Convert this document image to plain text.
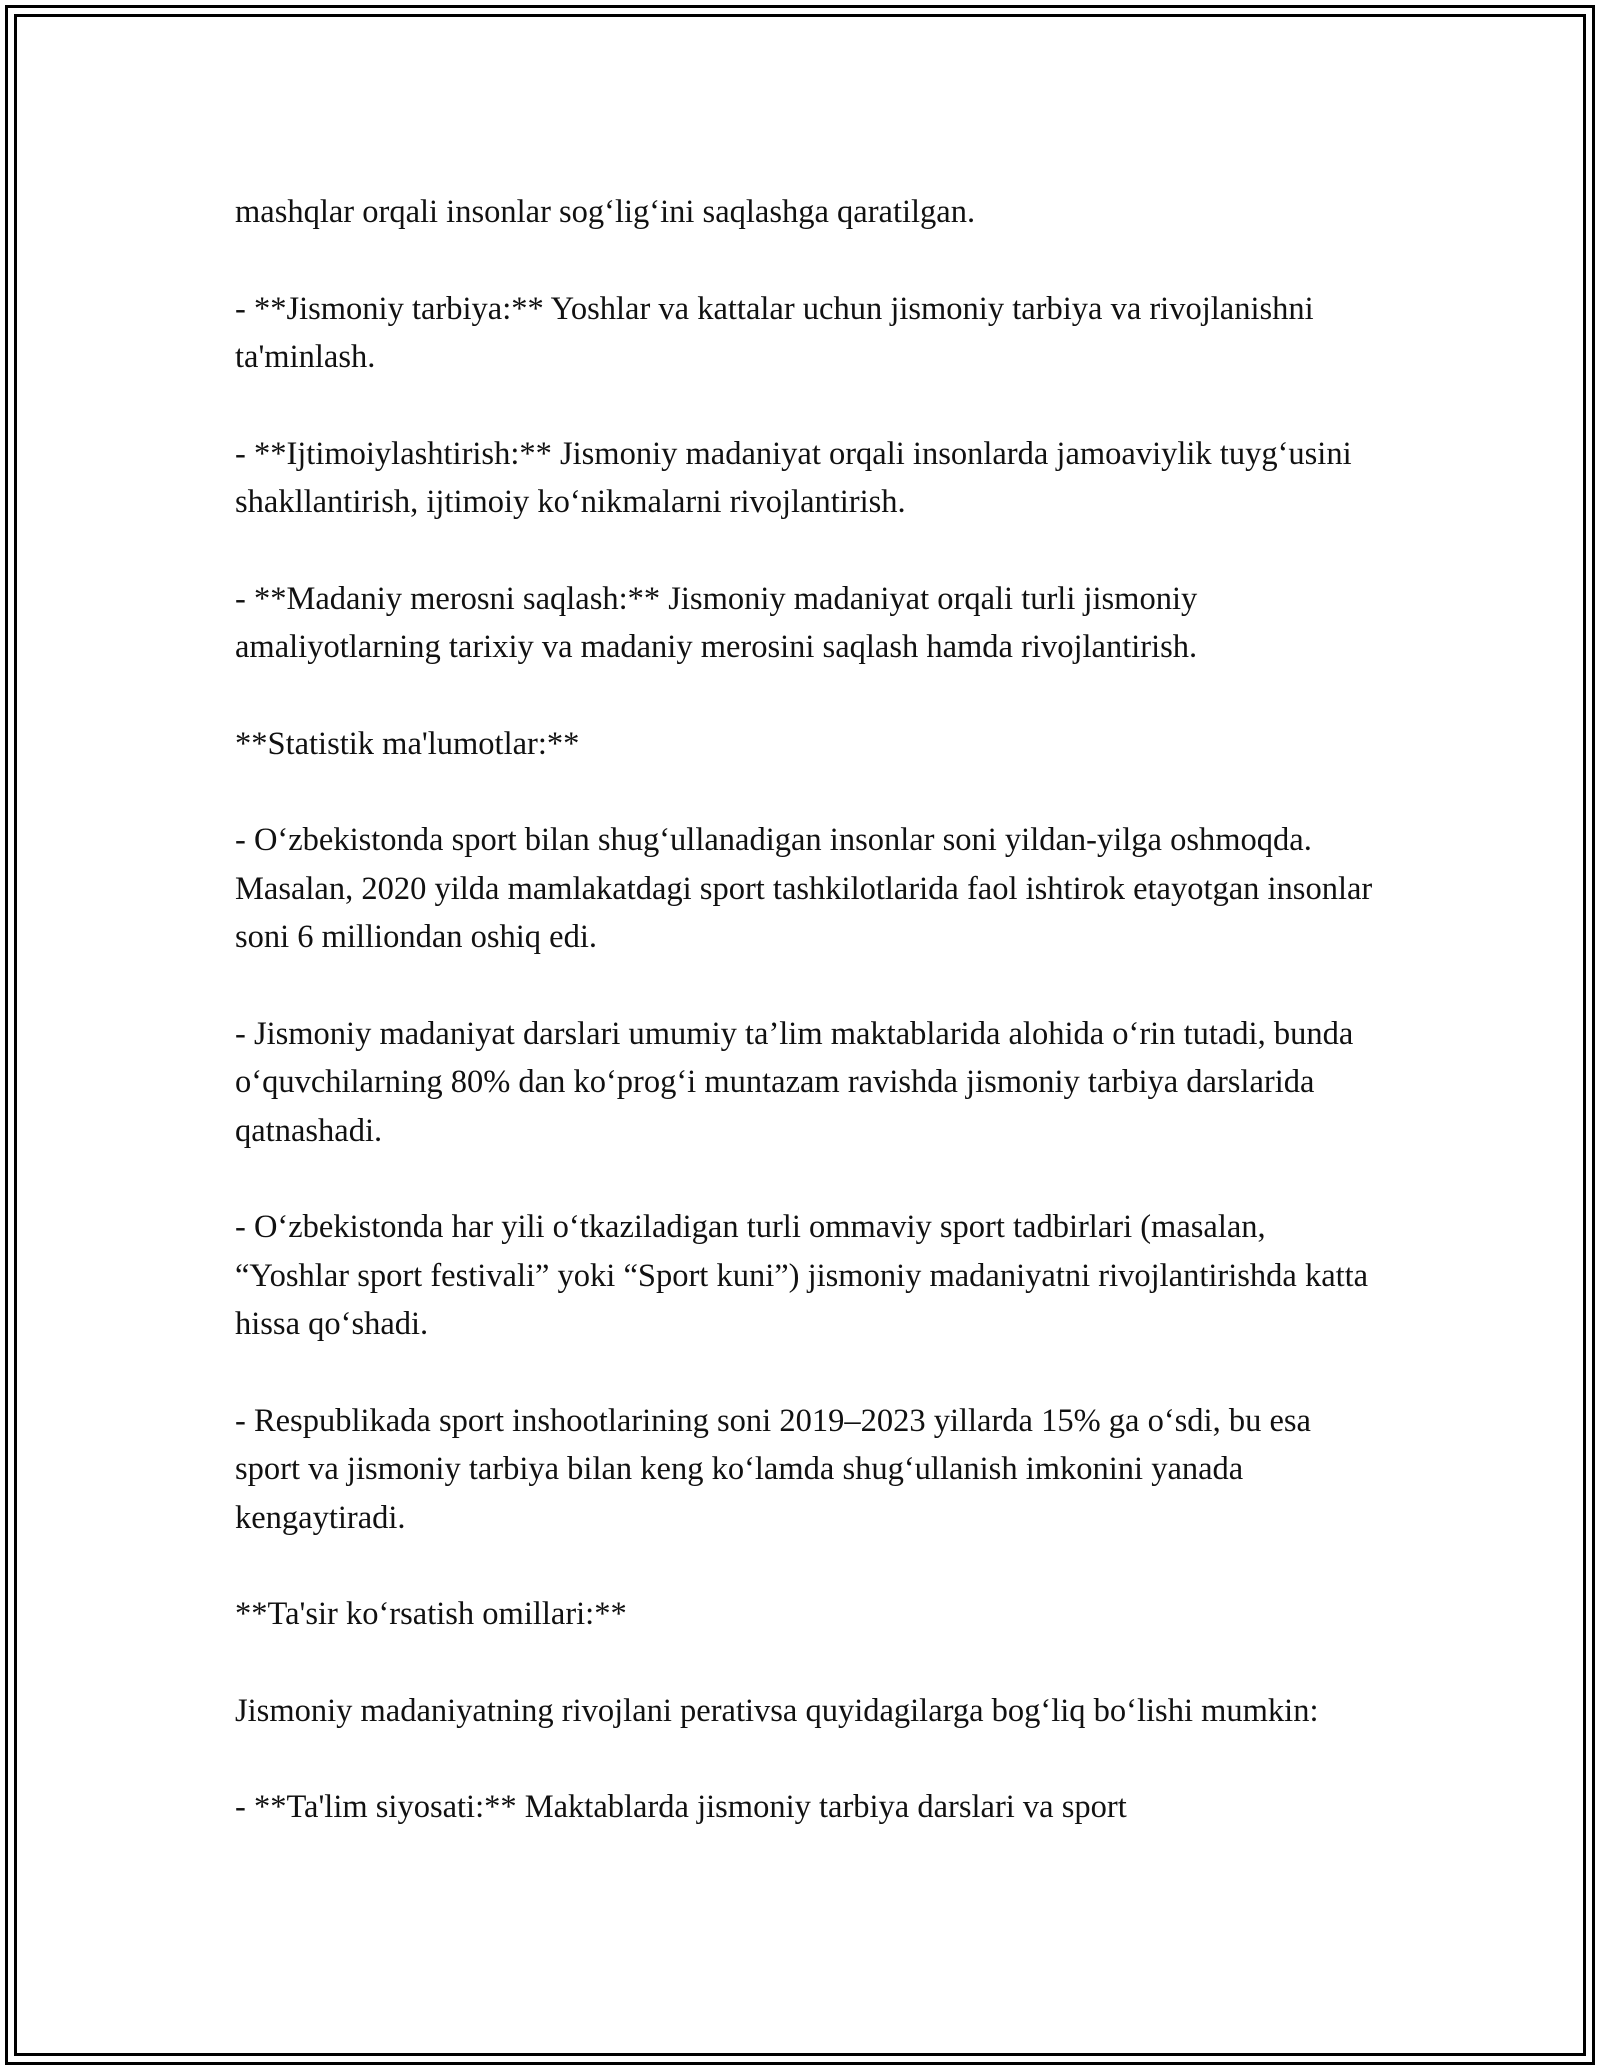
mashqlar orqali insonlar sog‘lig‘ini saqlashga qaratilgan.

- **Jismoniy tarbiya:** Yoshlar va kattalar uchun jismoniy tarbiya va rivojlanishni ta'minlash.

- **Ijtimoiylashtirish:** Jismoniy madaniyat orqali insonlarda jamoaviylik tuyg‘usini shakllantirish, ijtimoiy ko‘nikmalarni rivojlantirish.

- **Madaniy merosni saqlash:** Jismoniy madaniyat orqali turli jismoniy amaliyotlarning tarixiy va madaniy merosini saqlash hamda rivojlantirish.

**Statistik ma'lumotlar:**

- O‘zbekistonda sport bilan shug‘ullanadigan insonlar soni yildan-yilga oshmoqda. Masalan, 2020 yilda mamlakatdagi sport tashkilotlarida faol ishtirok etayotgan insonlar soni 6 milliondan oshiq edi.

- Jismoniy madaniyat darslari umumiy ta’lim maktablarida alohida o‘rin tutadi, bunda o‘quvchilarning 80% dan ko‘prog‘i muntazam ravishda jismoniy tarbiya darslarida qatnashadi.

- O‘zbekistonda har yili o‘tkaziladigan turli ommaviy sport tadbirlari (masalan, “Yoshlar sport festivali” yoki “Sport kuni”) jismoniy madaniyatni rivojlantirishda katta hissa qo‘shadi.

- Respublikada sport inshootlarining soni 2019–2023 yillarda 15% ga o‘sdi, bu esa sport va jismoniy tarbiya bilan keng ko‘lamda shug‘ullanish imkonini yanada kengaytiradi.

**Ta'sir ko‘rsatish omillari:**

Jismoniy madaniyatning rivojlani perativsa quyidagilarga bog‘liq bo‘lishi mumkin:

- **Ta'lim siyosati:** Maktablarda jismoniy tarbiya darslari va sport
